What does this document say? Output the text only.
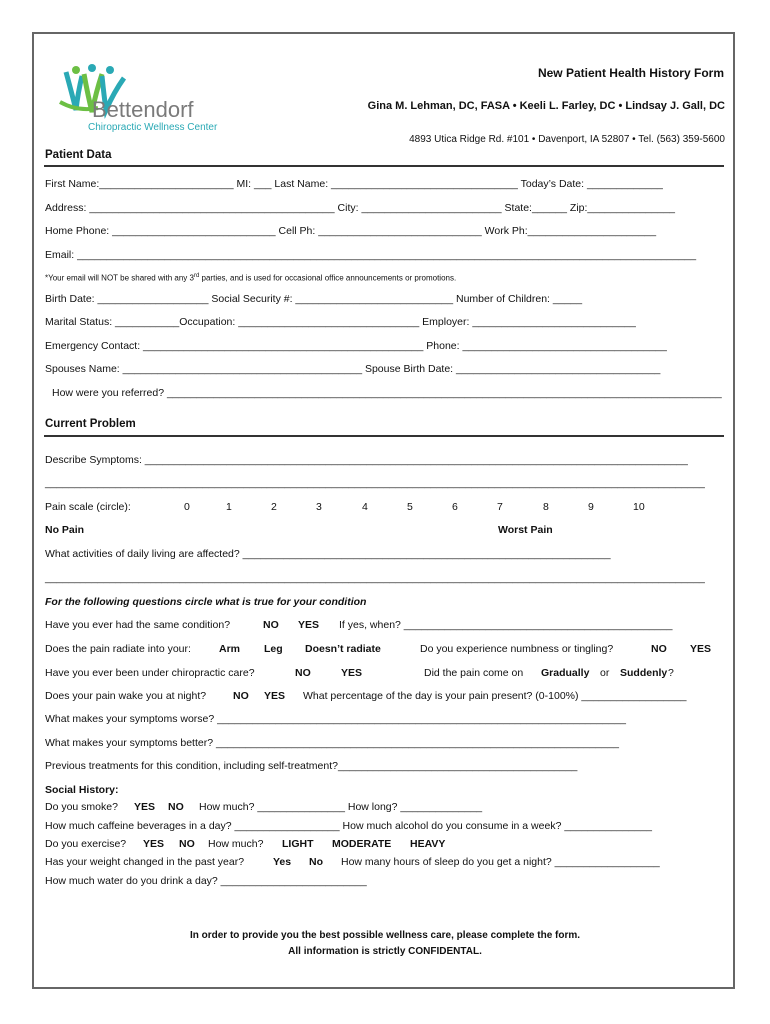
Bettendorf
Chiropractic Wellness Center
New Patient Health History Form
Gina M. Lehman, DC, FASA • Keeli L. Farley, DC • Lindsay J. Gall, DC
4893 Utica Ridge Rd. #101 • Davenport, IA 52807 • Tel. (563) 359-5600
Patient Data
First Name:_______________________ MI: ___ Last Name: ________________________________ Today’s Date: _____________
Address: __________________________________________ City: ________________________ State:______ Zip:_______________
Home Phone: ____________________________ Cell Ph: ____________________________ Work Ph:______________________
Email: __________________________________________________________________________________________________________
*Your email will NOT be shared with any 3rd parties, and is used for occasional office announcements or promotions.
Birth Date: ___________________ Social Security #: ___________________________ Number of Children: _____
Marital Status: ___________Occupation: _______________________________ Employer: ____________________________
Emergency Contact: ________________________________________________ Phone: ___________________________________
Spouses Name: _________________________________________ Spouse Birth Date: ___________________________________
How were you referred? _______________________________________________________________________________________________
Current Problem
Describe Symptoms: _____________________________________________________________________________________________
_________________________________________________________________________________________________________________
Pain scale (circle):	0	1	2	3	4	5	6	7	8	9	10
No Pain	Worst Pain
What activities of daily living are affected? _______________________________________________________________
_________________________________________________________________________________________________________________
For the following questions circle what is true for your condition
Have you ever had the same condition?	NO YES If yes, when? ______________________________________________
Does the pain radiate into your:	Arm Leg Doesn’t radiate	Do you experience numbness or tingling?	NO YES
Have you ever been under chiropractic care?	NO	YES	Did the pain come on Gradually or Suddenly ?
Does your pain wake you at night?	NO YES What percentage of the day is your pain present? (0-100%) __________________
What makes your symptoms worse? ______________________________________________________________________
What makes your symptoms better? _____________________________________________________________________
Previous treatments for this condition, including self-treatment?_________________________________________
Social History:
Do you smoke? YES NO How much? _______________ How long? ______________
How much caffeine beverages in a day? __________________ How much alcohol do you consume in a week? _______________
Do you exercise? YES NO How much? LIGHT MODERATE HEAVY
Has your weight changed in the past year?	Yes No How many hours of sleep do you get a night? __________________
How much water do you drink a day? _________________________
In order to provide you the best possible wellness care, please complete the form.
All information is strictly CONFIDENTAL.
